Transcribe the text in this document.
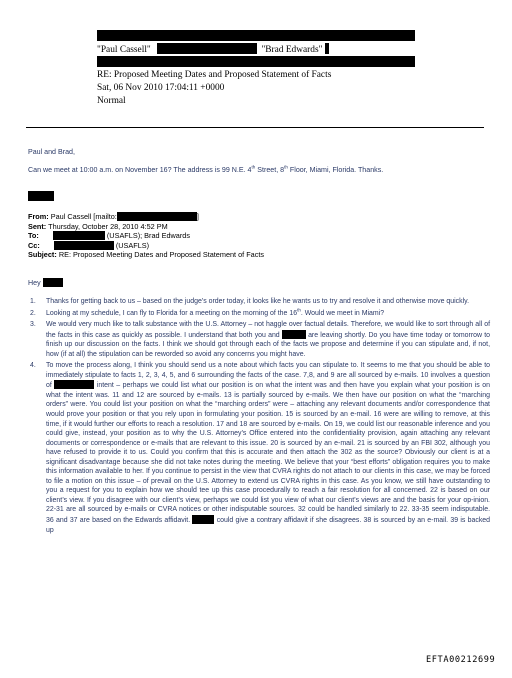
"Paul Cassell"	"Brad Edwards"
RE: Proposed Meeting Dates and Proposed Statement of Facts
Sat, 06 Nov 2010 17:04:11 +0000
Normal
Paul and Brad,
Can we meet at 10:00 a.m. on November 16? The address is 99 N.E. 4th Street, 8th Floor, Miami, Florida. Thanks.
From: Paul Cassell [mailto:	]
Sent: Thursday, October 28, 2010 4:52 PM
To:	(USAFLS); Brad Edwards
Cc:	(USAFLS)
Subject: RE: Proposed Meeting Dates and Proposed Statement of Facts
Hey
1. Thanks for getting back to us – based on the judge’s order today, it looks like he wants us to try and resolve it and otherwise move quickly.
2. Looking at my schedule, I can fly to Florida for a meeting on the morning of the 16th. Would we meet in Miami?
3. We would very much like to talk substance with the U.S. Attorney – not haggle over factual details. Therefore, we would like to sort through all of the facts in this case as quickly as possible. I understand that both you and	are leaving shortly. Do you have time today or tomorrow to finish up our discussion on the facts. I think we should got through each of the facts we propose and determine if you can stipulate and, if not, how (if at all) the stipulation can be reworded so avoid any concerns you might have.
4. To move the process along, I think you should send us a note about which facts you can stipulate to. It seems to me that you should be able to immediately stipulate to facts 1, 2, 3, 4, 5, and 6 surrounding the facts of the case. 7,8, and 9 are all sourced by e-mails. 10 involves a question of	intent – perhaps we could list what our position is on what the intent was and then have you explain what your position is on what the intent was. 11 and 12 are sourced by e-mails. 13 is partially sourced by e-mails. We then have our position on what the “marching orders” were. You could list your position on what the “marching orders” were – attaching any relevant documents and/or correspondence that would prove your position or that you rely upon in formulating your position. 15 is sourced by an e-mail. 16 were are willing to remove, at this time, if it would further our efforts to reach a resolution. 17 and 18 are sourced by e-mails. On 19, we could list our reasonable inference and you could give, instead, your position as to why the U.S. Attorney’s Office entered into the confidentiality provision, again attaching any relevant documents or correspondence or e-mails that are relevant to this issue. 20 is sourced by an e-mail. 21 is sourced by an FBI 302, although you have refused to provide it to us. Could you confirm that this is accurate and then attach the 302 as the source? Obviously our client is at a significant disadvantage because she did not take notes during the meeting. We believe that your “best efforts” obligation requires you to make this information available to her. If you continue to persist in the view that CVRA rights do not attach to our clients in this case, we may be forced to file a motion on this issue – of prevail on the U.S. Attorney to extend us CVRA rights in this case. As you know, we still have outstanding to you a request for you to explain how we should tee up this case procedurally to reach a fair resolution for all concerned. 22 is based on our client’s view. If you disagree with our client’s view, perhaps we could list you view of what our client’s views are and the basis for your op-inion. 22-31 are all sourced by e-mails or CVRA notices or other indisputable sources. 32 could be handled similarly to 22. 33-35 seem indisputable. 36 and 37 are based on the Edwards affidavit.	could give a contrary affidavit if she disagrees. 38 is sourced by an e-mail. 39 is backed up
EFTA00212699
